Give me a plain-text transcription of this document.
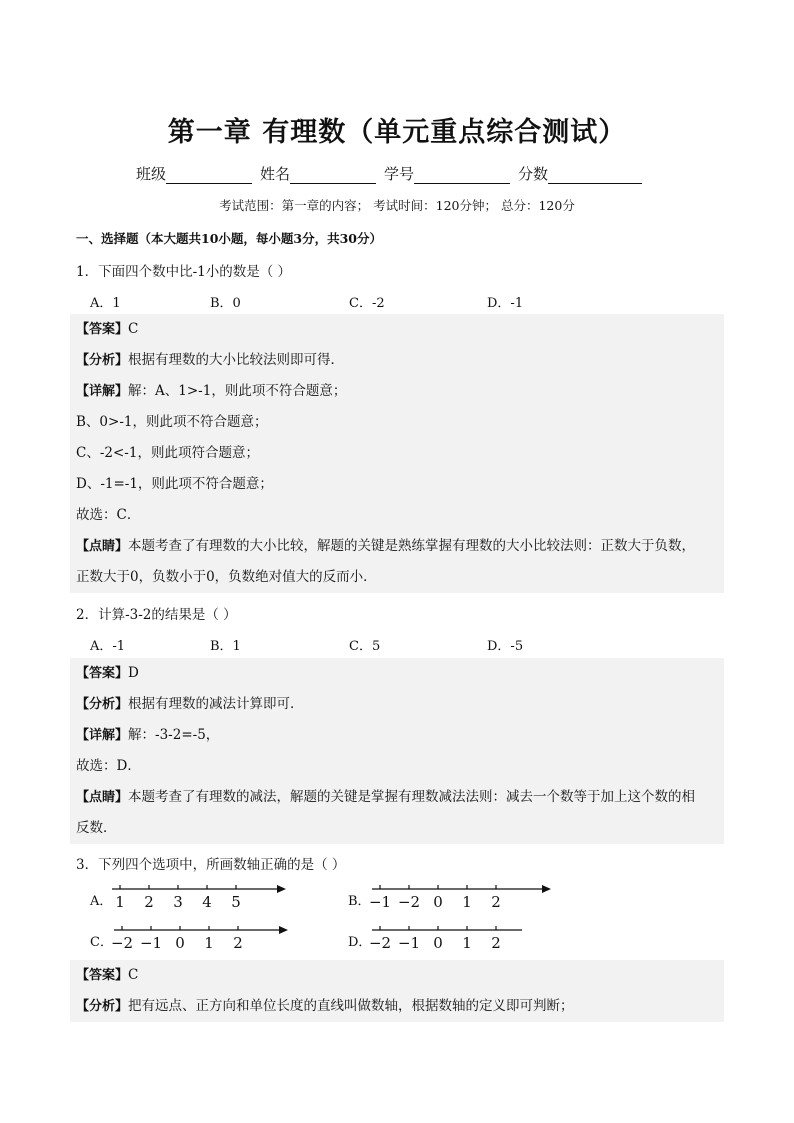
第一章 有理数（单元重点综合测试）
班级	姓名	学号	分数
考试范围：第一章的内容； 考试时间：120分钟； 总分：120分
一、选择题（本大题共10小题，每小题3分，共30分）
1．下面四个数中比-1小的数是（ ）
A．1	B．0	C．-2	D．-1
【答案】C
【分析】根据有理数的大小比较法则即可得．
【详解】解：A、1>-1，则此项不符合题意；
B、0>-1，则此项不符合题意；
C、-2<-1，则此项符合题意；
D、-1=-1，则此项不符合题意；
故选：C．
【点睛】本题考查了有理数的大小比较，解题的关键是熟练掌握有理数的大小比较法则：正数大于负数，
正数大于0，负数小于0，负数绝对值大的反而小．
2．计算-3-2的结果是（ ）
A．-1	B．1	C．5	D．-5
【答案】D
【分析】根据有理数的减法计算即可．
【详解】解：-3-2=-5，
故选：D．
【点睛】本题考查了有理数的减法，解题的关键是掌握有理数减法法则：减去一个数等于加上这个数的相
反数．
3．下列四个选项中，所画数轴正确的是（ ）
A． 1 2 3 4 5	B．
−1 −2 0 1 2
C．
−2 −1 0 1 2	D．
−2 −1 0 1 2
【答案】C
【分析】把有远点、正方向和单位长度的直线叫做数轴，根据数轴的定义即可判断；
